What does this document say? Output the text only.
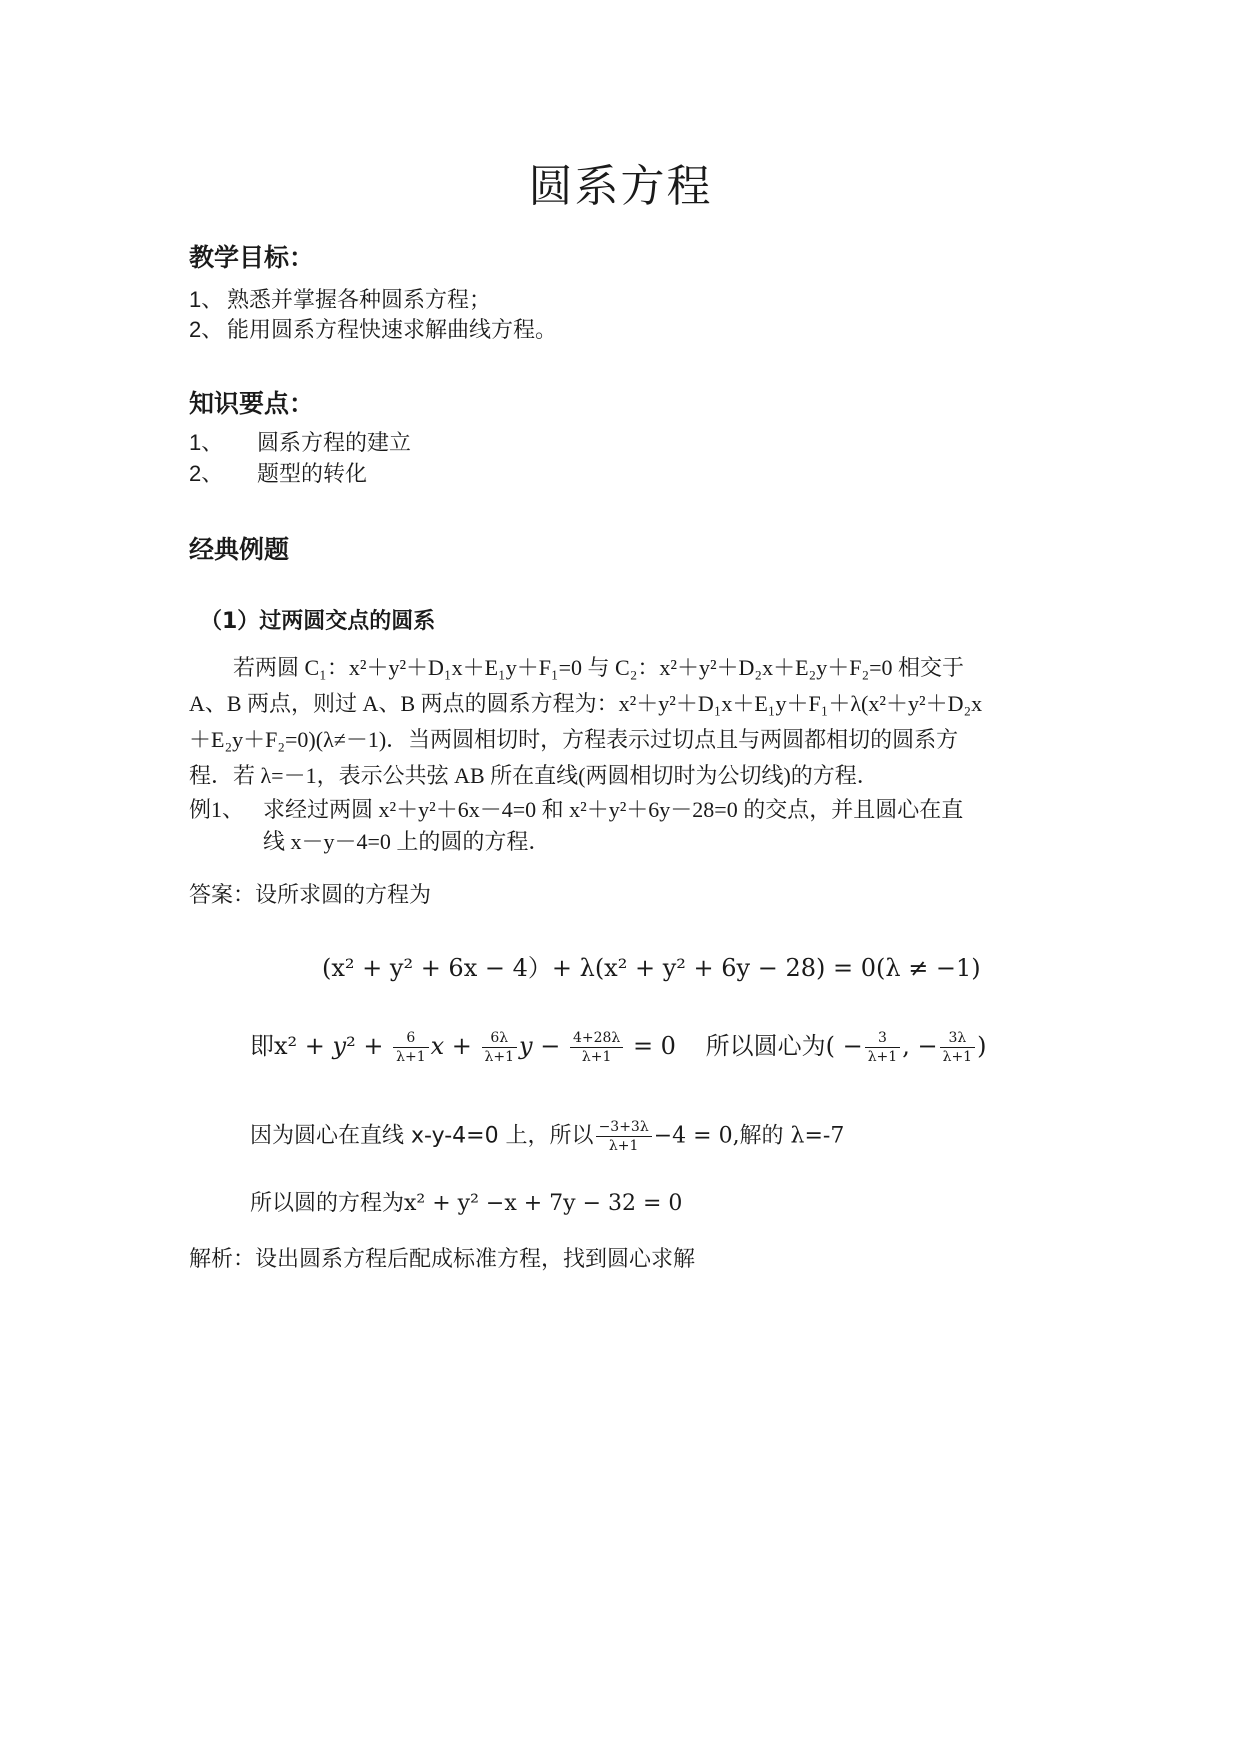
圆系方程
教学目标：
1、 熟悉并掌握各种圆系方程；
2、 能用圆系方程快速求解曲线方程。
知识要点：
1、 圆系方程的建立
2、 题型的转化
经典例题
（1）过两圆交点的圆系
若两圆 C₁：x²＋y²＋D₁x＋E₁y＋F₁=0 与 C₂：x²＋y²＋D₂x＋E₂y＋F₂=0 相交于
A、B 两点，则过 A、B 两点的圆系方程为：x²＋y²＋D₁x＋E₁y＋F₁＋λ(x²＋y²＋D₂x
＋E₂y＋F₂=0)(λ≠－1)．当两圆相切时，方程表示过切点且与两圆都相切的圆系方
程．若 λ=－1，表示公共弦 AB 所在直线(两圆相切时为公切线)的方程．
例1、 求经过两圆 x²＋y²＋6x－4=0 和 x²＋y²＋6y－28=0 的交点，并且圆心在直
线 x－y－4=0 上的圆的方程．
答案：设所求圆的方程为
(x² + y² + 6x − 4）+ λ(x² + y² + 6y − 28) = 0(λ ≠ −1)
即$x^2 + y^2 + \frac{6}{\lambda+1}$ $x + \frac{6\lambda}{\lambda+1}$ $y - \frac{4+28\lambda}{\lambda+1} = 0$ 所以圆心为( − $\frac{3}{\lambda+1}$ , − $\frac{3\lambda}{\lambda+1}$ )
因为圆心在直线 x-y-4=0 上，所以 $\frac{-3+3\lambda}{\lambda+1} -4 = 0$,解的 λ=-7
所以圆的方程为x² + y² −x + 7y − 32 = 0
解析：设出圆系方程后配成标准方程，找到圆心求解
